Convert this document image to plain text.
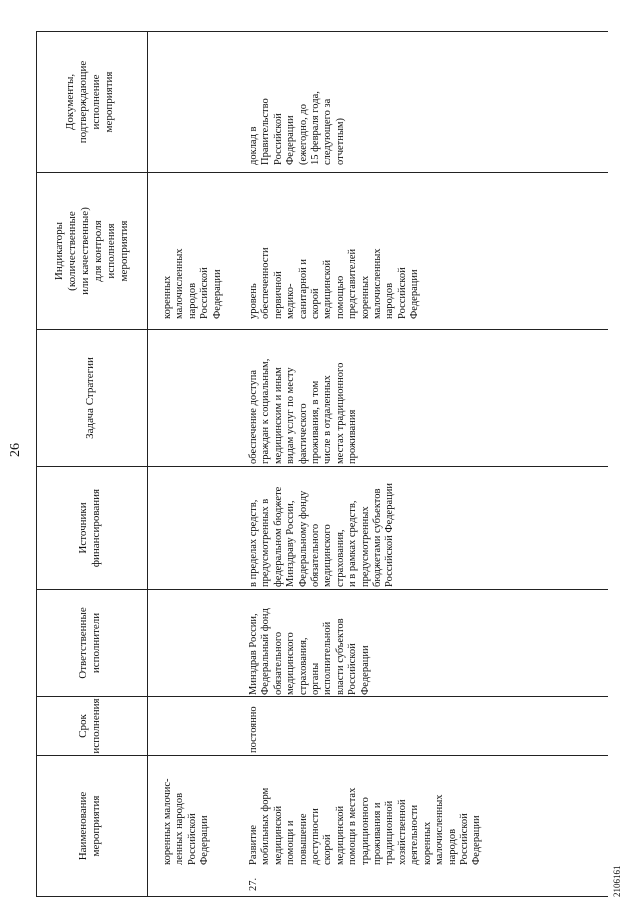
26
2106161
Наименование
мероприятия
Срок
исполнения
Ответственные
исполнители
Источники
финансирования
Задача Стратегии
Индикаторы
(количественные
или качественные)
для контроля
исполнения
мероприятия
Документы,
подтверждающие
исполнение
мероприятия
коренных малочис-
ленных народов
Российской
Федерации
коренных
малочисленных
народов
Российской
Федерации
27.
Развитие
мобильных форм
медицинской
помощи и
повышение
доступности
скорой
медицинской
помощи в местах
традиционного
проживания и
традиционной
хозяйственной
деятельности
коренных
малочисленных
народов
Российской
Федерации
постоянно
Минздрав России,
Федеральный фонд
обязательного
медицинского
страхования,
органы
исполнительной
власти субъектов
Российской
Федерации
в пределах средств,
предусмотренных в
федеральном бюджете
Минздраву России,
Федеральному фонду
обязательного
медицинского
страхования,
и в рамках средств,
предусмотренных
бюджетами субъектов
Российской Федерации
обеспечение доступа
граждан к социальным,
медицинским и иным
видам услуг по месту
фактического
проживания, в том
числе в отдаленных
местах традиционного
проживания
уровень
обеспеченности
первичной
медико-
санитарной и
скорой
медицинской
помощью
представителей
коренных
малочисленных
народов
Российской
Федерации
доклад в
Правительство
Российской
Федерации
(ежегодно, до
15 февраля года,
следующего за
отчетным)
